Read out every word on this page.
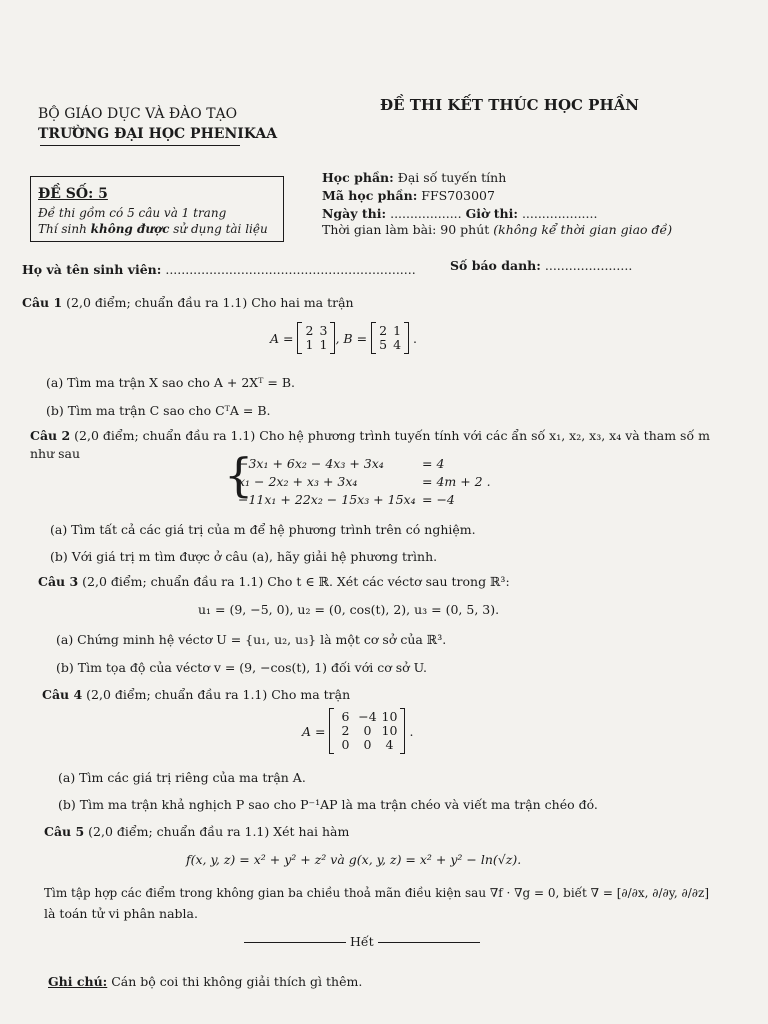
BỘ GIÁO DỤC VÀ ĐÀO TẠO
TRƯỜNG ĐẠI HỌC PHENIKAA
ĐỀ THI KẾT THÚC HỌC PHẦN
ĐỀ SỐ: 5
Đề thi gồm có 5 câu và 1 trang
Thí sinh không được sử dụng tài liệu
Học phần: Đại số tuyến tính
Mã học phần: FFS703007
Ngày thi: .................. Giờ thi: ...................
Thời gian làm bài: 90 phút (không kể thời gian giao đề)
Họ và tên sinh viên: ...............................................................	Số báo danh: ......................
Câu 1 (2,0 điểm; chuẩn đầu ra 1.1) Cho hai ma trận
A =
2 3
1 1 , B =
2 1
5 4 .
(a) Tìm ma trận X sao cho A + 2Xᵀ = B.
(b) Tìm ma trận C sao cho CᵀA = B.
Câu 2 (2,0 điểm; chuẩn đầu ra 1.1) Cho hệ phương trình tuyến tính với các ẩn số x₁, x₂, x₃, x₄ và tham số m
như sau	{
−3x₁ + 6x₂ − 4x₃ + 3x₄	= 4
x₁ − 2x₂ + x₃ + 3x₄	= 4m + 2 .
−11x₁ + 22x₂ − 15x₃ + 15x₄ = −4
(a) Tìm tất cả các giá trị của m để hệ phương trình trên có nghiệm.
(b) Với giá trị m tìm được ở câu (a), hãy giải hệ phương trình.
Câu 3 (2,0 điểm; chuẩn đầu ra 1.1) Cho t ∈ ℝ. Xét các véctơ sau trong ℝ³:
u₁ = (9, −5, 0), u₂ = (0, cos(t), 2), u₃ = (0, 5, 3).
(a) Chứng minh hệ véctơ U = {u₁, u₂, u₃} là một cơ sở của ℝ³.
(b) Tìm tọa độ của véctơ v = (9, −cos(t), 1) đối với cơ sở U.
Câu 4 (2,0 điểm; chuẩn đầu ra 1.1) Cho ma trận
A =

6 −4 10
2	0 10
0	0	4
.
(a) Tìm các giá trị riêng của ma trận A.
(b) Tìm ma trận khả nghịch P sao cho P⁻¹AP là ma trận chéo và viết ma trận chéo đó.
Câu 5 (2,0 điểm; chuẩn đầu ra 1.1) Xét hai hàm
f(x, y, z) = x² + y² + z² và g(x, y, z) = x² + y² − ln(√z).
Tìm tập hợp các điểm trong không gian ba chiều thoả mãn điều kiện sau ∇f · ∇g = 0, biết ∇ = [∂/∂x, ∂/∂y, ∂/∂z]
là toán tử vi phân nabla.
Hết
Ghi chú: Cán bộ coi thi không giải thích gì thêm.
